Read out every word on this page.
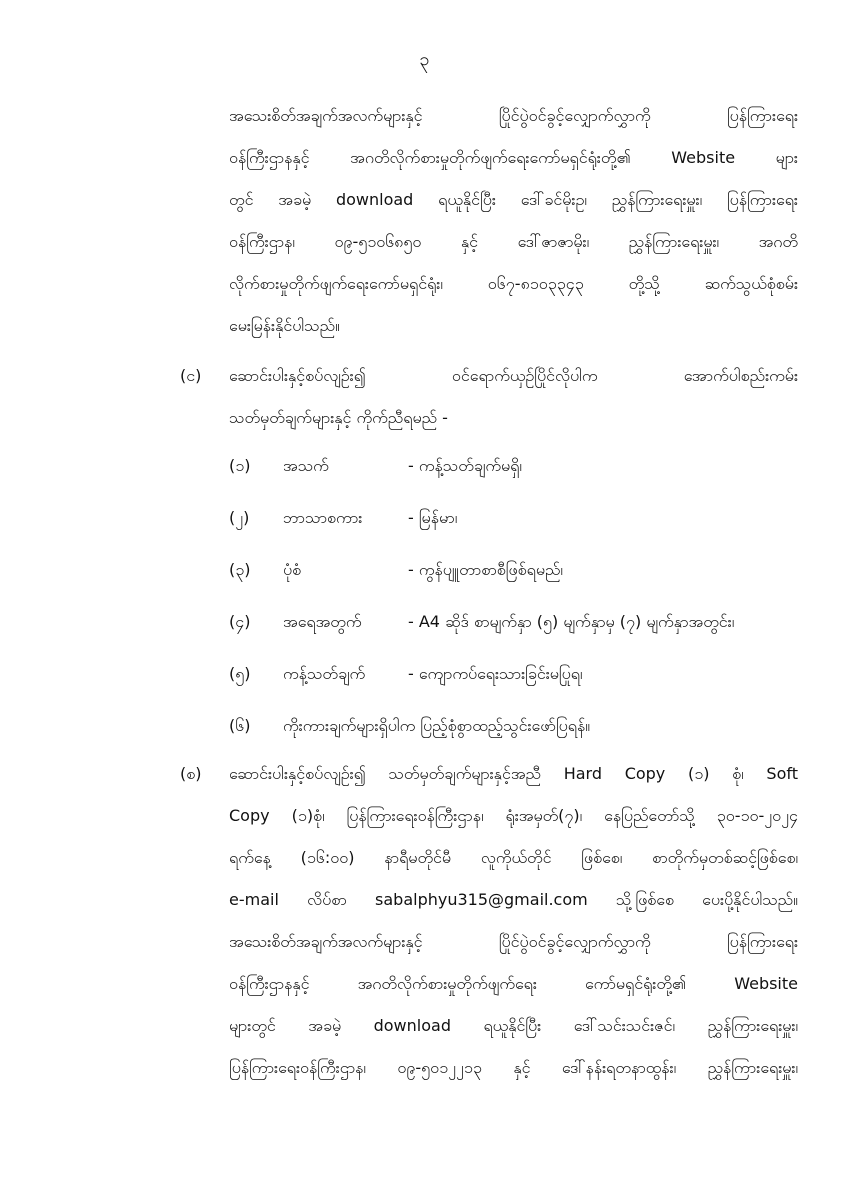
၃
အသေးစိတ်အချက်အလက်များနှင့် ပြိုင်ပွဲဝင်ခွင့်လျှောက်လွှာကို ပြန်ကြားရေး
ဝန်ကြီးဌာနနှင့် အဂတိလိုက်စားမှုတိုက်ဖျက်ရေးကော်မရှင်ရုံးတို့၏ Website များ
တွင် အခမဲ့ download ရယူနိုင်ပြီး ဒေါ်ခင်မိုးဥ၊ ညွှန်ကြားရေးမှူး၊ ပြန်ကြားရေး
ဝန်ကြီးဌာန၊ ၀၉-၅၁၀၆၈၅၀ နှင့် ဒေါ်ဇာဇာမိုး၊ ညွှန်ကြားရေးမှူး၊ အဂတိ
လိုက်စားမှုတိုက်ဖျက်ရေးကော်မရှင်ရုံး၊ ၀၆၇-၈၁၀၃၃၄၃ တို့သို့ ဆက်သွယ်စုံစမ်း
မေးမြန်းနိုင်ပါသည်။
(င) ဆောင်းပါးနှင့်စပ်လျဉ်း၍ ဝင်ရောက်ယှဉ်ပြိုင်လိုပါက အောက်ပါစည်းကမ်း
သတ်မှတ်ချက်များနှင့် ကိုက်ညီရမည် -
(၁) အသက်	- ကန့်သတ်ချက်မရှိ၊
(၂) ဘာသာစကား	- မြန်မာ၊
(၃) ပုံစံ	- ကွန်ပျူတာစာစီဖြစ်ရမည်၊
(၄) အရေအတွက်	- A4 ဆိုဒ် စာမျက်နှာ (၅) မျက်နှာမှ (၇) မျက်နှာအတွင်း၊
(၅) ကန့်သတ်ချက်	- ကျောကပ်ရေးသားခြင်းမပြုရ၊
(၆) ကိုးကားချက်များရှိပါက ပြည့်စုံစွာထည့်သွင်းဖော်ပြရန်။
(စ) ဆောင်းပါးနှင့်စပ်လျဉ်း၍ သတ်မှတ်ချက်များနှင့်အညီ Hard Copy (၁) စုံ၊ Soft
Copy (၁)စုံ၊ ပြန်ကြားရေးဝန်ကြီးဌာန၊ ရုံးအမှတ်(၇)၊ နေပြည်တော်သို့ ၃၀-၁၀-၂၀၂၄
ရက်နေ့ (၁၆:၀၀) နာရီမတိုင်မီ လူကိုယ်တိုင် ဖြစ်စေ၊ စာတိုက်မှတစ်ဆင့်ဖြစ်စေ၊
e-mail လိပ်စာ sabalphyu315@gmail.com သို့ဖြစ်စေ ပေးပို့နိုင်ပါသည်။
အသေးစိတ်အချက်အလက်များနှင့် ပြိုင်ပွဲဝင်ခွင့်လျှောက်လွှာကို ပြန်ကြားရေး
ဝန်ကြီးဌာနနှင့် အဂတိလိုက်စားမှုတိုက်ဖျက်ရေး ကော်မရှင်ရုံးတို့၏ Website
များတွင် အခမဲ့ download ရယူနိုင်ပြီး ဒေါ်သင်းသင်းဇင်၊ ညွှန်ကြားရေးမှူး၊
ပြန်ကြားရေးဝန်ကြီးဌာန၊ ၀၉-၅၀၁၂၂၁၃ နှင့် ဒေါ်နန်းရတနာထွန်း၊ ညွှန်ကြားရေးမှူး၊
